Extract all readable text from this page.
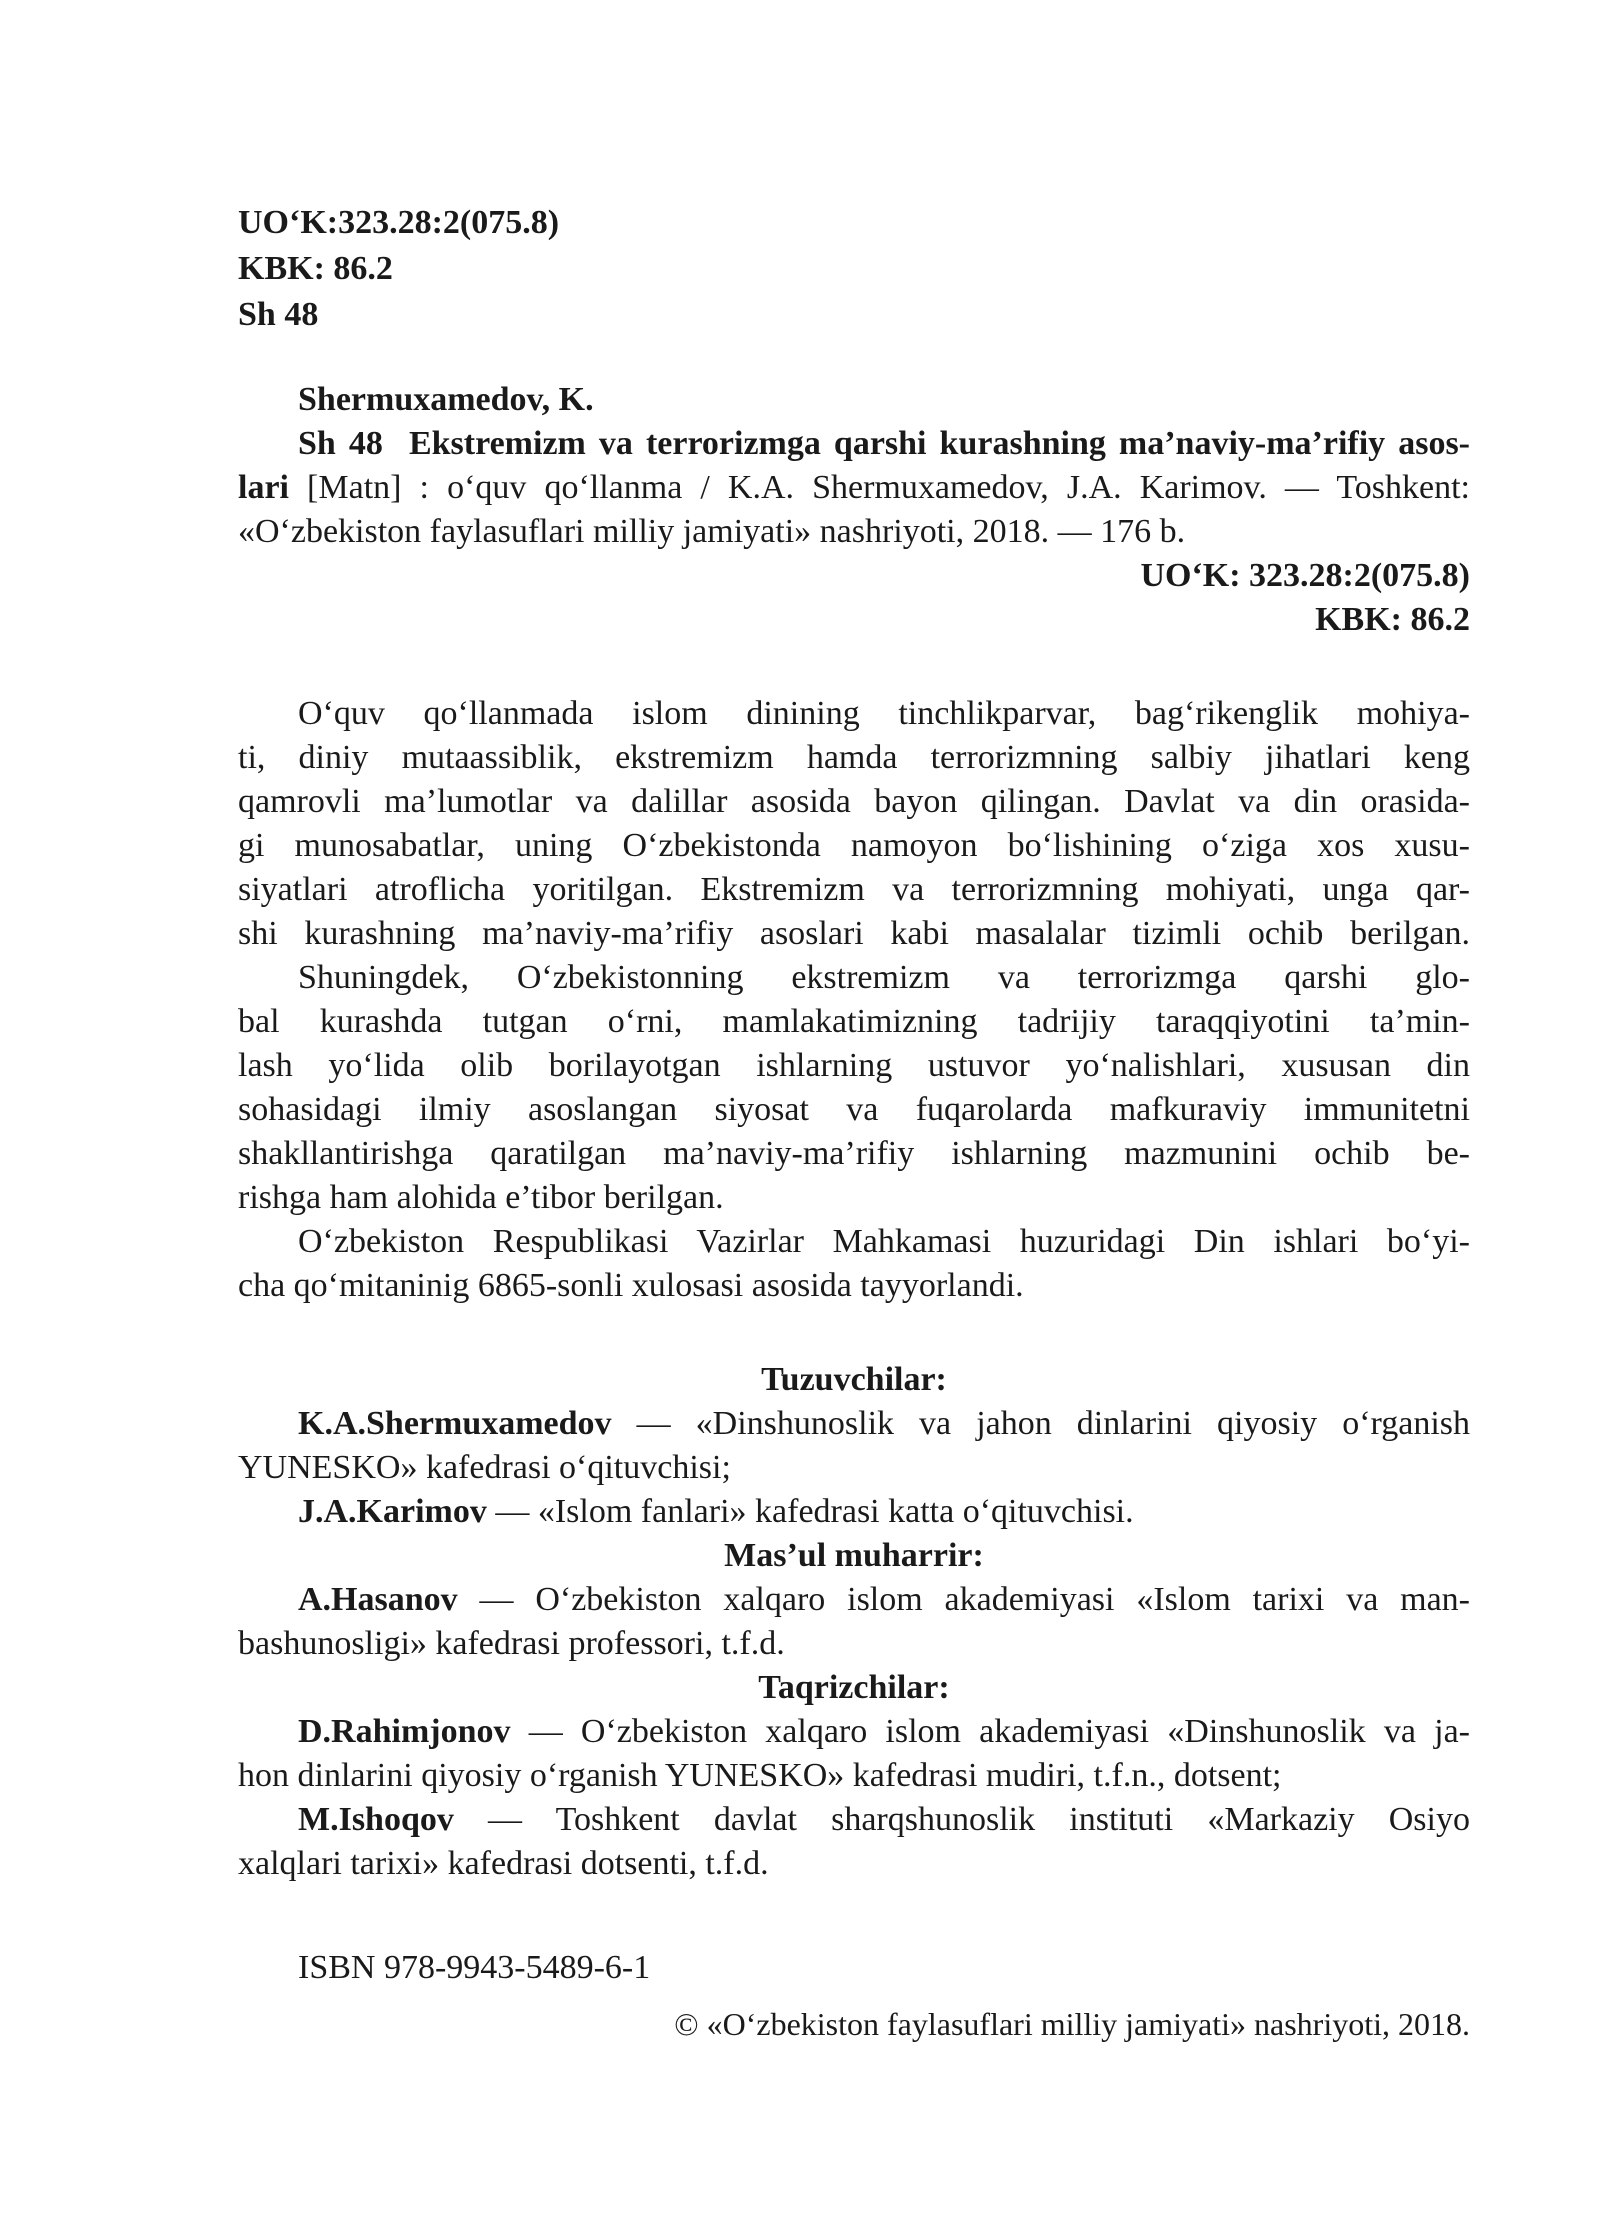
UO‘K:323.28:2(075.8)
KBK: 86.2
Sh 48
Shermuxamedov, K.
Sh 48 Ekstremizm va terrorizmga qarshi kurashning ma’naviy-ma’rifiy asos-
lari [Matn] : o‘quv qo‘llanma / K.A. Shermuxamedov, J.A. Karimov. — Toshkent:
«O‘zbekiston faylasuflari milliy jamiyati» nashriyoti, 2018. — 176 b.
UO‘K: 323.28:2(075.8)
KBK: 86.2
O‘quv qo‘llanmada islom dinining tinchlikparvar, bag‘rikenglik mohiya-
ti, diniy mutaassiblik, ekstremizm hamda terrorizmning salbiy jihatlari keng
qamrovli ma’lumotlar va dalillar asosida bayon qilingan. Davlat va din orasida-
gi munosabatlar, uning O‘zbekistonda namoyon bo‘lishining o‘ziga xos xusu-
siyatlari atroflicha yoritilgan. Ekstremizm va terrorizmning mohiyati, unga qar-
shi kurashning ma’naviy-ma’rifiy asoslari kabi masalalar tizimli ochib berilgan.
Shuningdek, O‘zbekistonning ekstremizm va terrorizmga qarshi glo-
bal kurashda tutgan o‘rni, mamlakatimizning tadrijiy taraqqiyotini ta’min-
lash yo‘lida olib borilayotgan ishlarning ustuvor yo‘nalishlari, xususan din
sohasidagi ilmiy asoslangan siyosat va fuqarolarda mafkuraviy immunitetni
shakllantirishga qaratilgan ma’naviy-ma’rifiy ishlarning mazmunini ochib be-
rishga ham alohida e’tibor berilgan.
O‘zbekiston Respublikasi Vazirlar Mahkamasi huzuridagi Din ishlari bo‘yi-
cha qo‘mitaninig 6865-sonli xulosasi asosida tayyorlandi.
Tuzuvchilar:
K.A.Shermuxamedov — «Dinshunoslik va jahon dinlarini qiyosiy o‘rganish
YUNESKO» kafedrasi o‘qituvchisi;
J.A.Karimov — «Islom fanlari» kafedrasi katta o‘qituvchisi.
Mas’ul muharrir:
A.Hasanov — O‘zbekiston xalqaro islom akademiyasi «Islom tarixi va man-
bashunosligi» kafedrasi professori, t.f.d.
Taqrizchilar:
D.Rahimjonov — O‘zbekiston xalqaro islom akademiyasi «Dinshunoslik va ja-
hon dinlarini qiyosiy o‘rganish YUNESKO» kafedrasi mudiri, t.f.n., dotsent;
M.Ishoqov — Toshkent davlat sharqshunoslik instituti «Markaziy Osiyo
xalqlari tarixi» kafedrasi dotsenti, t.f.d.
ISBN 978-9943-5489-6-1
© «O‘zbekiston faylasuflari milliy jamiyati» nashriyoti, 2018.
